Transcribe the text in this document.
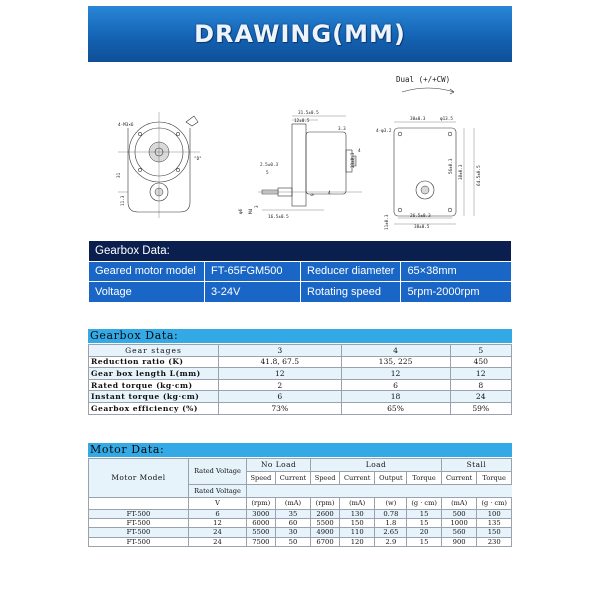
DRAWING(MM)
Dual (+/+CW)
4-M3×6
"D"
31
11.3
31.5±0.5
12±0.5
3.3
23±0.3
4
2.5±0.3
5
9
M4
3
φ6
16.5±0.5
4
4-φ3.2
30±0.3	φ13.5
38±0.3	64.5±0.5
56±0.3
11±0.3	26.5±0.3
38±0.5
Gearbox Data:			
Geared motor model	FT-65FGM500	Reducer diameter	65×38mm
Voltage	3-24V	Rotating speed	5rpm-2000rpm
Gearbox Data:
Gear stages	3	4	5
Reduction ratio (K)	41.8, 67.5	135, 225	450
Gear box length L(mm)	12	12	12
Rated torque (kg·cm)	2	6	8
Instant torque (kg·cm)	6	18	24
Gearbox efficiency (%)	73%	65%	59%
Motor Data:
Motor Model	Rated Voltage	No Load		Load				Stall	
		Speed	Current	Speed	Current	Output	Torque	Current	Torque
	Rated Voltage								
	V	(rpm)	(mA)	(rpm)	(mA)	(w)	(g · cm)	(mA)	(g · cm)
FT-500	6	3000	35	2600	130	0.78	15	500	100
FT-500	12	6000	60	5500	150	1.8	15	1000	135
FT-500	24	5500	30	4900	110	2.65	20	560	150
FT-500	24	7500	50	6700	120	2.9	15	900	230
